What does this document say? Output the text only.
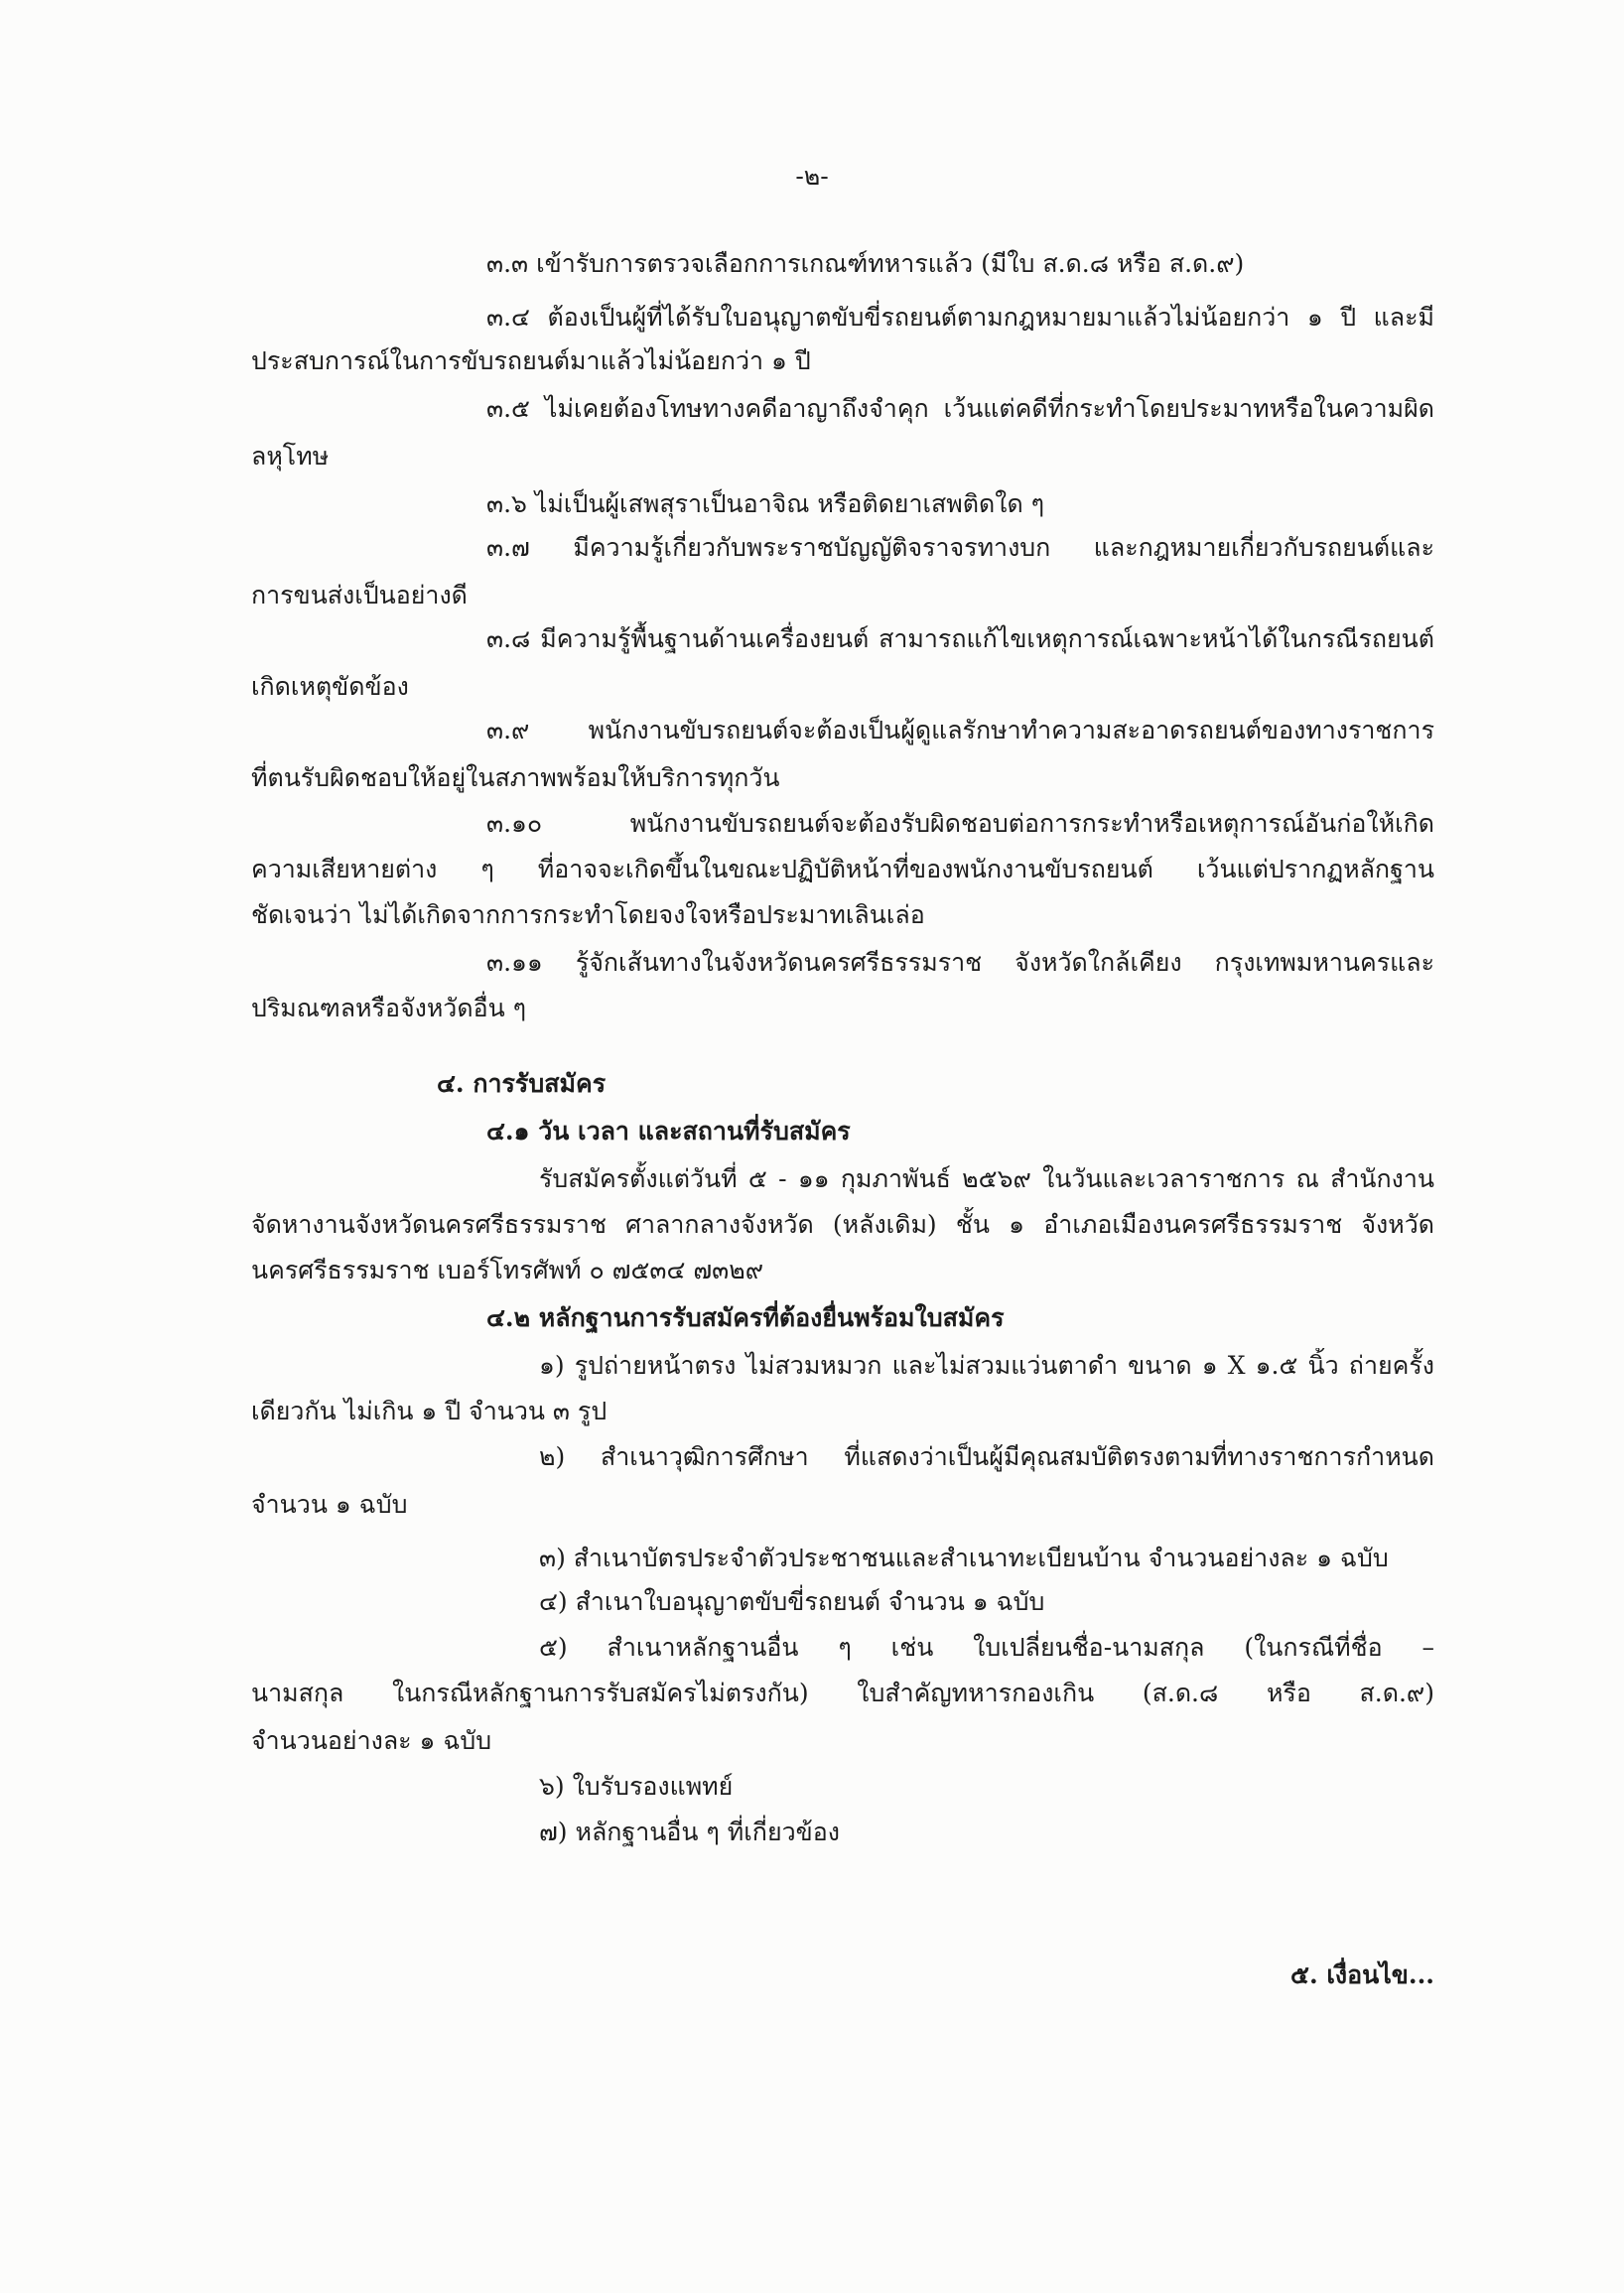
-๒-
๓.๓ เข้ารับการตรวจเลือกการเกณฑ์ทหารแล้ว (มีใบ ส.ด.๘ หรือ ส.ด.๙)
๓.๔ ต้องเป็นผู้ที่ได้รับใบอนุญาตขับขี่รถยนต์ตามกฎหมายมาแล้วไม่น้อยกว่า ๑ ปี และมี
ประสบการณ์ในการขับรถยนต์มาแล้วไม่น้อยกว่า ๑ ปี
๓.๕ ไม่เคยต้องโทษทางคดีอาญาถึงจำคุก เว้นแต่คดีที่กระทำโดยประมาทหรือในความผิด
ลหุโทษ
๓.๖ ไม่เป็นผู้เสพสุราเป็นอาจิณ หรือติดยาเสพติดใด ๆ
๓.๗ มีความรู้เกี่ยวกับพระราชบัญญัติจราจรทางบก และกฎหมายเกี่ยวกับรถยนต์และ
การขนส่งเป็นอย่างดี
๓.๘ มีความรู้พื้นฐานด้านเครื่องยนต์ สามารถแก้ไขเหตุการณ์เฉพาะหน้าได้ในกรณีรถยนต์
เกิดเหตุขัดข้อง
๓.๙ พนักงานขับรถยนต์จะต้องเป็นผู้ดูแลรักษาทำความสะอาดรถยนต์ของทางราชการ
ที่ตนรับผิดชอบให้อยู่ในสภาพพร้อมให้บริการทุกวัน
๓.๑๐ พนักงานขับรถยนต์จะต้องรับผิดชอบต่อการกระทำหรือเหตุการณ์อันก่อให้เกิด
ความเสียหายต่าง ๆ ที่อาจจะเกิดขึ้นในขณะปฏิบัติหน้าที่ของพนักงานขับรถยนต์ เว้นแต่ปรากฏหลักฐาน
ชัดเจนว่า ไม่ได้เกิดจากการกระทำโดยจงใจหรือประมาทเลินเล่อ
๓.๑๑ รู้จักเส้นทางในจังหวัดนครศรีธรรมราช จังหวัดใกล้เคียง กรุงเทพมหานครและ
ปริมณฑลหรือจังหวัดอื่น ๆ
๔. การรับสมัคร
๔.๑ วัน เวลา และสถานที่รับสมัคร
รับสมัครตั้งแต่วันที่ ๕ - ๑๑ กุมภาพันธ์ ๒๕๖๙ ในวันและเวลาราชการ ณ สำนักงาน
จัดหางานจังหวัดนครศรีธรรมราช ศาลากลางจังหวัด (หลังเดิม) ชั้น ๑ อำเภอเมืองนครศรีธรรมราช จังหวัด
นครศรีธรรมราช เบอร์โทรศัพท์ ๐ ๗๕๓๔ ๗๓๒๙
๔.๒ หลักฐานการรับสมัครที่ต้องยื่นพร้อมใบสมัคร
๑) รูปถ่ายหน้าตรง ไม่สวมหมวก และไม่สวมแว่นตาดำ ขนาด ๑ X ๑.๕ นิ้ว ถ่ายครั้ง
เดียวกัน ไม่เกิน ๑ ปี จำนวน ๓ รูป
๒) สำเนาวุฒิการศึกษา ที่แสดงว่าเป็นผู้มีคุณสมบัติตรงตามที่ทางราชการกำหนด
จำนวน ๑ ฉบับ
๓) สำเนาบัตรประจำตัวประชาชนและสำเนาทะเบียนบ้าน จำนวนอย่างละ ๑ ฉบับ
๔) สำเนาใบอนุญาตขับขี่รถยนต์ จำนวน ๑ ฉบับ
๕) สำเนาหลักฐานอื่น ๆ เช่น ใบเปลี่ยนชื่อ-นามสกุล (ในกรณีที่ชื่อ –
นามสกุล ในกรณีหลักฐานการรับสมัครไม่ตรงกัน) ใบสำคัญทหารกองเกิน (ส.ด.๘ หรือ ส.ด.๙)
จำนวนอย่างละ ๑ ฉบับ
๖) ใบรับรองแพทย์
๗) หลักฐานอื่น ๆ ที่เกี่ยวข้อง
๕. เงื่อนไข...
